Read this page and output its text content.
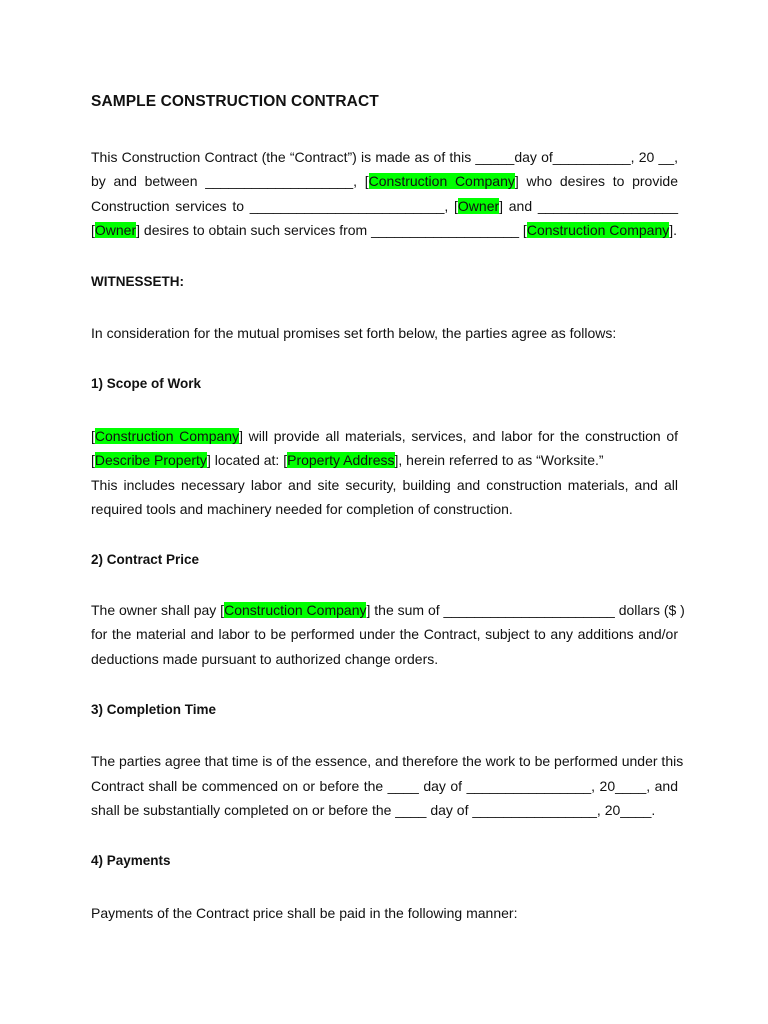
SAMPLE CONSTRUCTION CONTRACT
This Construction Contract (the “Contract”) is made as of this _____day of__________, 20 __,
by and between ___________________, [Construction Company] who desires to provide
Construction services to _________________________, [Owner] and __________________
[Owner] desires to obtain such services from ___________________ [Construction Company].
WITNESSETH:
In consideration for the mutual promises set forth below, the parties agree as follows:
1) Scope of Work
[Construction Company] will provide all materials, services, and labor for the construction of
[Describe Property] located at: [Property Address], herein referred to as “Worksite.”
This includes necessary labor and site security, building and construction materials, and all
required tools and machinery needed for completion of construction.
2) Contract Price
The owner shall pay [Construction Company] the sum of ______________________ dollars ($ )
for the material and labor to be performed under the Contract, subject to any additions and/or
deductions made pursuant to authorized change orders.
3) Completion Time
The parties agree that time is of the essence, and therefore the work to be performed under this
Contract shall be commenced on or before the ____ day of ________________, 20____, and
shall be substantially completed on or before the ____ day of ________________, 20____.
4) Payments
Payments of the Contract price shall be paid in the following manner:
